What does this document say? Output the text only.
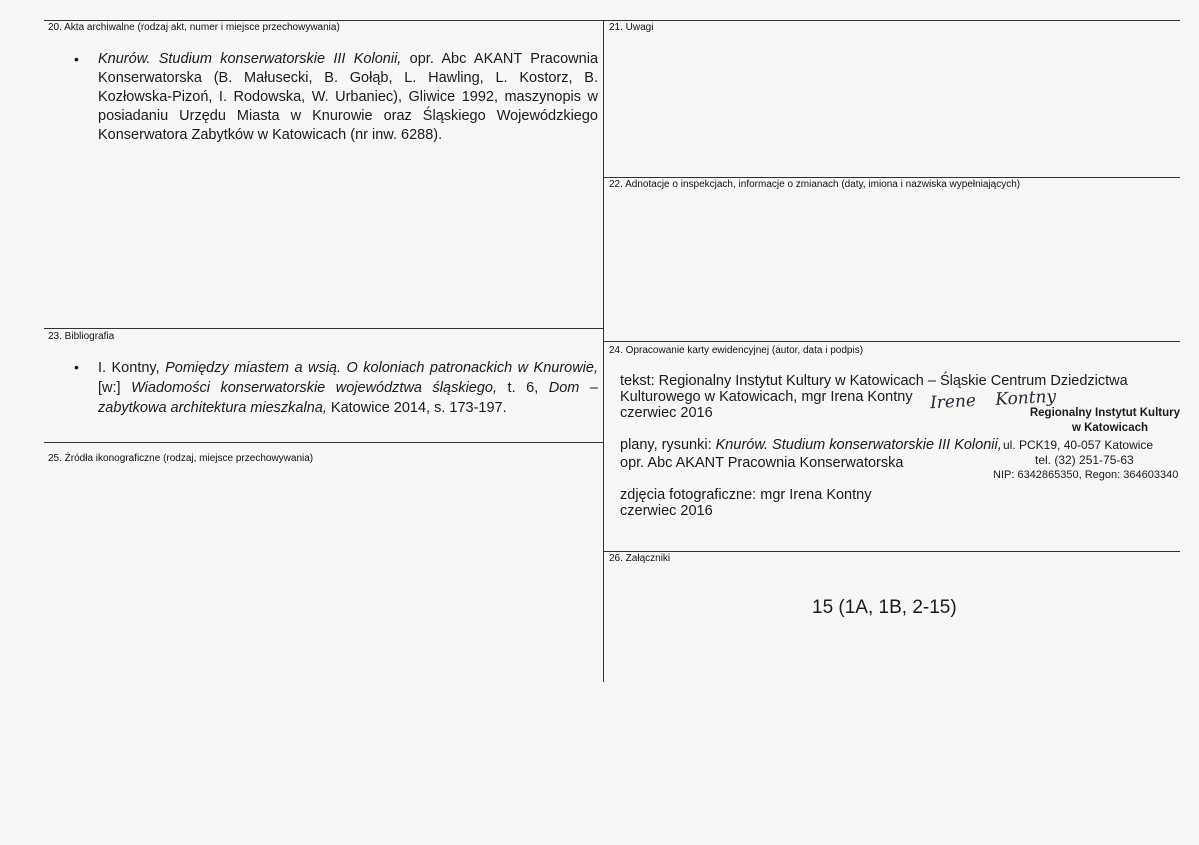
20. Akta archiwalne (rodzaj akt, numer i miejsce przechowywania)
• Knurów. Studium konserwatorskie III Kolonii, opr. Abc AKANT Pracownia Konserwatorska (B. Małusecki, B. Gołąb, L. Hawling, L. Kostorz, B. Kozłowska-Pizoń, I. Rodowska, W. Urbaniec), Gliwice 1992, maszynopis w posiadaniu Urzędu Miasta w Knurowie oraz Śląskiego Wojewódzkiego Konserwatora Zabytków w Katowicach (nr inw. 6288).
23. Bibliografia
• I. Kontny, Pomiędzy miastem a wsią. O koloniach patronackich w Knurowie, [w:] Wiadomości konserwatorskie województwa śląskiego, t. 6, Dom – zabytkowa architektura mieszkalna, Katowice 2014, s. 173-197.
25. Źródła ikonograficzne (rodzaj, miejsce przechowywania)
21. Uwagi
22. Adnotacje o inspekcjach, informacje o zmianach (daty, imiona i nazwiska wypełniających)
24. Opracowanie karty ewidencyjnej (autor, data i podpis)
tekst: Regionalny Instytut Kultury w Katowicach – Śląskie Centrum Dziedzictwa
Kulturowego w Katowicach, mgr Irena Kontny
czerwiec 2016	Irene Kontny
plany, rysunki: Knurów. Studium konserwatorskie III Kolonii,
opr. Abc AKANT Pracownia Konserwatorska
Regionalny Instytut Kultury
w Katowicach
ul. PCK19, 40-057 Katowice
tel. (32) 251-75-63
NIP: 6342865350, Regon: 364603340
zdjęcia fotograficzne: mgr Irena Kontny
czerwiec 2016
26. Załączniki
15 (1A, 1B, 2-15)
